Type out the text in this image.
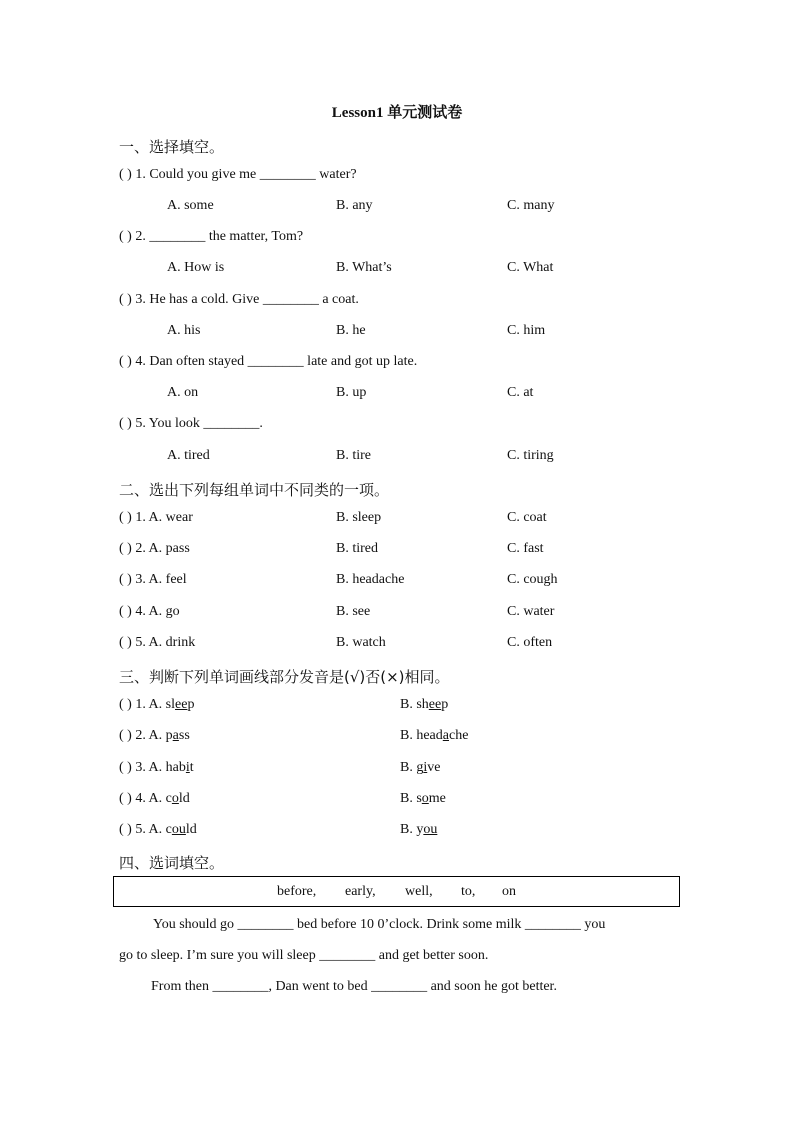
Lesson1 单元测试卷
一、选择填空。
( ) 1. Could you give me ________ water?
A. some	B. any	C. many
( ) 2. ________ the matter, Tom?
A. How is	B. What’s	C. What
( ) 3. He has a cold. Give ________ a coat.
A. his	B. he	C. him
( ) 4. Dan often stayed ________ late and got up late.
A. on	B. up	C. at
( ) 5. You look ________.
A. tired	B. tire	C. tiring
二、选出下列每组单词中不同类的一项。
( ) 1. A. wear	B. sleep	C. coat
( ) 2. A. pass	B. tired	C. fast
( ) 3. A. feel	B. headache	C. cough
( ) 4. A. go	B. see	C. water
( ) 5. A. drink	B. watch	C. often
三、判断下列单词画线部分发音是(√)否(×)相同。
( ) 1. A. sleep	B. sheep
( ) 2. A. pass	B. headache
( ) 3. A. habit	B. give
( ) 4. A. cold	B. some
( ) 5. A. could	B. you
四、选词填空。
before, early, well, to, on
You should go ________ bed before 10 0’clock. Drink some milk ________ you
go to sleep. I’m sure you will sleep ________ and get better soon.
From then ________, Dan went to bed ________ and soon he got better.
